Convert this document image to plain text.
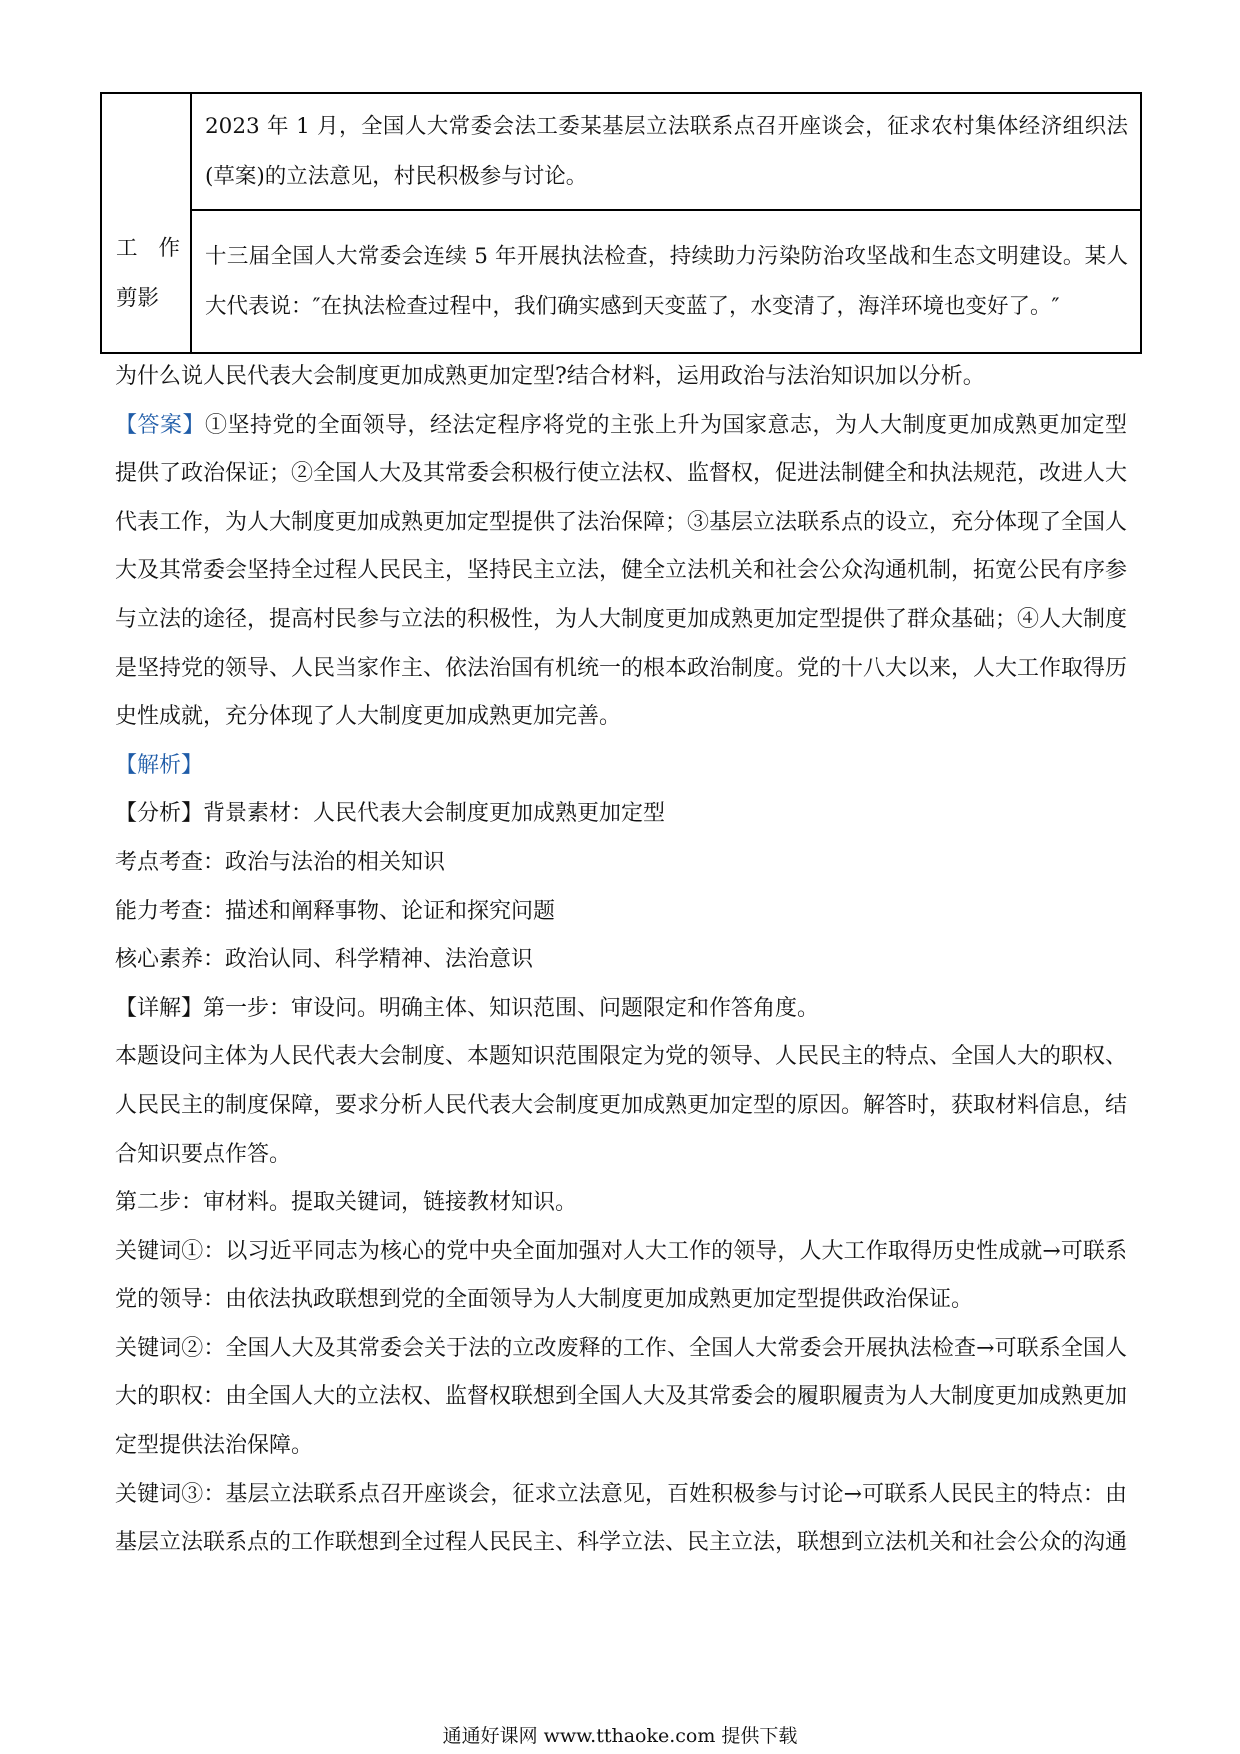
工作剪影
	2023 年 1 月，全国人大常委会法工委某基层立法联系点召开座谈会，征求农村集体经济组织法(草案)的立法意见，村民积极参与讨论。
十三届全国人大常委会连续 5 年开展执法检查，持续助力污染防治攻坚战和生态文明建设。某人大代表说：″在执法检查过程中，我们确实感到天变蓝了，水变清了，海洋环境也变好了。″

为什么说人民代表大会制度更加成熟更加定型?结合材料，运用政治与法治知识加以分析。

【答案】①坚持党的全面领导，经法定程序将党的主张上升为国家意志，为人大制度更加成熟更加定型提供了政治保证；②全国人大及其常委会积极行使立法权、监督权，促进法制健全和执法规范，改进人大代表工作，为人大制度更加成熟更加定型提供了法治保障；③基层立法联系点的设立，充分体现了全国人大及其常委会坚持全过程人民民主，坚持民主立法，健全立法机关和社会公众沟通机制，拓宽公民有序参与立法的途径，提高村民参与立法的积极性，为人大制度更加成熟更加定型提供了群众基础；④人大制度是坚持党的领导、人民当家作主、依法治国有机统一的根本政治制度。党的十八大以来，人大工作取得历史性成就，充分体现了人大制度更加成熟更加完善。

【解析】

【分析】背景素材：人民代表大会制度更加成熟更加定型

考点考查：政治与法治的相关知识

能力考查：描述和阐释事物、论证和探究问题

核心素养：政治认同、科学精神、法治意识

【详解】第一步：审设问。明确主体、知识范围、问题限定和作答角度。

本题设问主体为人民代表大会制度、本题知识范围限定为党的领导、人民民主的特点、全国人大的职权、人民民主的制度保障，要求分析人民代表大会制度更加成熟更加定型的原因。解答时，获取材料信息，结合知识要点作答。

第二步：审材料。提取关键词，链接教材知识。

关键词①：以习近平同志为核心的党中央全面加强对人大工作的领导，人大工作取得历史性成就→可联系党的领导：由依法执政联想到党的全面领导为人大制度更加成熟更加定型提供政治保证。

关键词②：全国人大及其常委会关于法的立改废释的工作、全国人大常委会开展执法检查→可联系全国人大的职权：由全国人大的立法权、监督权联想到全国人大及其常委会的履职履责为人大制度更加成熟更加定型提供法治保障。

关键词③：基层立法联系点召开座谈会，征求立法意见，百姓积极参与讨论→可联系人民民主的特点：由基层立法联系点的工作联想到全过程人民民主、科学立法、民主立法，联想到立法机关和社会公众的沟通

通通好课网 www.tthaoke.com 提供下载
